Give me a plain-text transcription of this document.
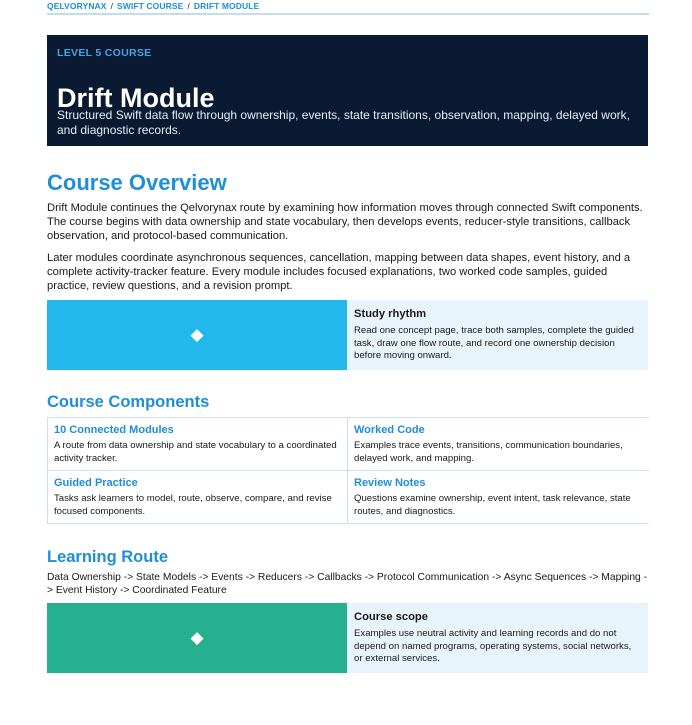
QELVORYNAX / SWIFT COURSE / DRIFT MODULE
LEVEL 5 COURSE
Drift Module
Structured Swift data flow through ownership, events, state transitions, observation, mapping, delayed work, and diagnostic records.
Course Overview
Drift Module continues the Qelvorynax route by examining how information moves through connected Swift components. The course begins with data ownership and state vocabulary, then develops events, reducer-style transitions, callback observation, and protocol-based communication.
Later modules coordinate asynchronous sequences, cancellation, mapping between data shapes, event history, and a complete activity-tracker feature. Every module includes focused explanations, two worked code samples, guided practice, review questions, and a revision prompt.
◆
Study rhythm
Read one concept page, trace both samples, complete the guided task, draw one flow route, and record one ownership decision before moving onward.
Course Components
10 Connected Modules
A route from data ownership and state vocabulary to a coordinated activity tracker.
Worked Code
Examples trace events, transitions, communication boundaries, delayed work, and mapping.
Guided Practice
Tasks ask learners to model, route, observe, compare, and revise focused components.
Review Notes
Questions examine ownership, event intent, task relevance, state routes, and diagnostics.
Learning Route
Data Ownership -> State Models -> Events -> Reducers -> Callbacks -> Protocol Communication -> Async Sequences -> Mapping -> Event History -> Coordinated Feature
◆
Course scope
Examples use neutral activity and learning records and do not depend on named programs, operating systems, social networks, or external services.
